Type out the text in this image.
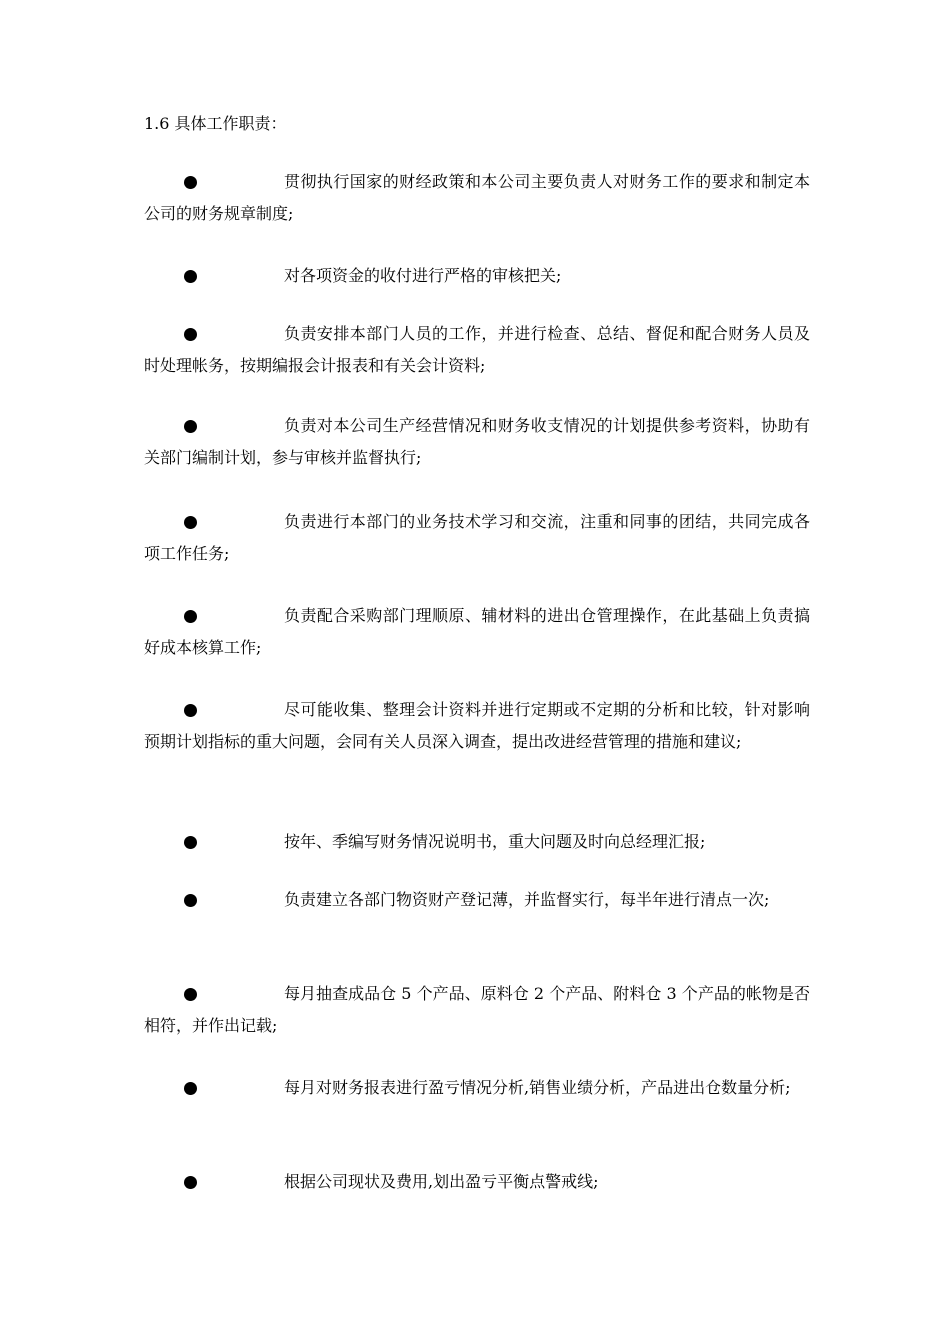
1.6 具体工作职责：

贯彻执行国家的财经政策和本公司主要负责人对财务工作的要求和制定本公司的财务规章制度;

对各项资金的收付进行严格的审核把关;

负责安排本部门人员的工作，并进行检查、总结、督促和配合财务人员及时处理帐务，按期编报会计报表和有关会计资料;

负责对本公司生产经营情况和财务收支情况的计划提供参考资料，协助有关部门编制计划，参与审核并监督执行;

负责进行本部门的业务技术学习和交流，注重和同事的团结，共同完成各项工作任务;

负责配合采购部门理顺原、辅材料的进出仓管理操作，在此基础上负责搞好成本核算工作;

尽可能收集、整理会计资料并进行定期或不定期的分析和比较，针对影响预期计划指标的重大问题，会同有关人员深入调查，提出改进经营管理的措施和建议;

按年、季编写财务情况说明书，重大问题及时向总经理汇报;

负责建立各部门物资财产登记薄，并监督实行，每半年进行清点一次;

每月抽查成品仓 5 个产品、原料仓 2 个产品、附料仓 3 个产品的帐物是否相符，并作出记载;

每月对财务报表进行盈亏情况分析,销售业绩分析，产品进出仓数量分析;

根据公司现状及费用,划出盈亏平衡点警戒线;
